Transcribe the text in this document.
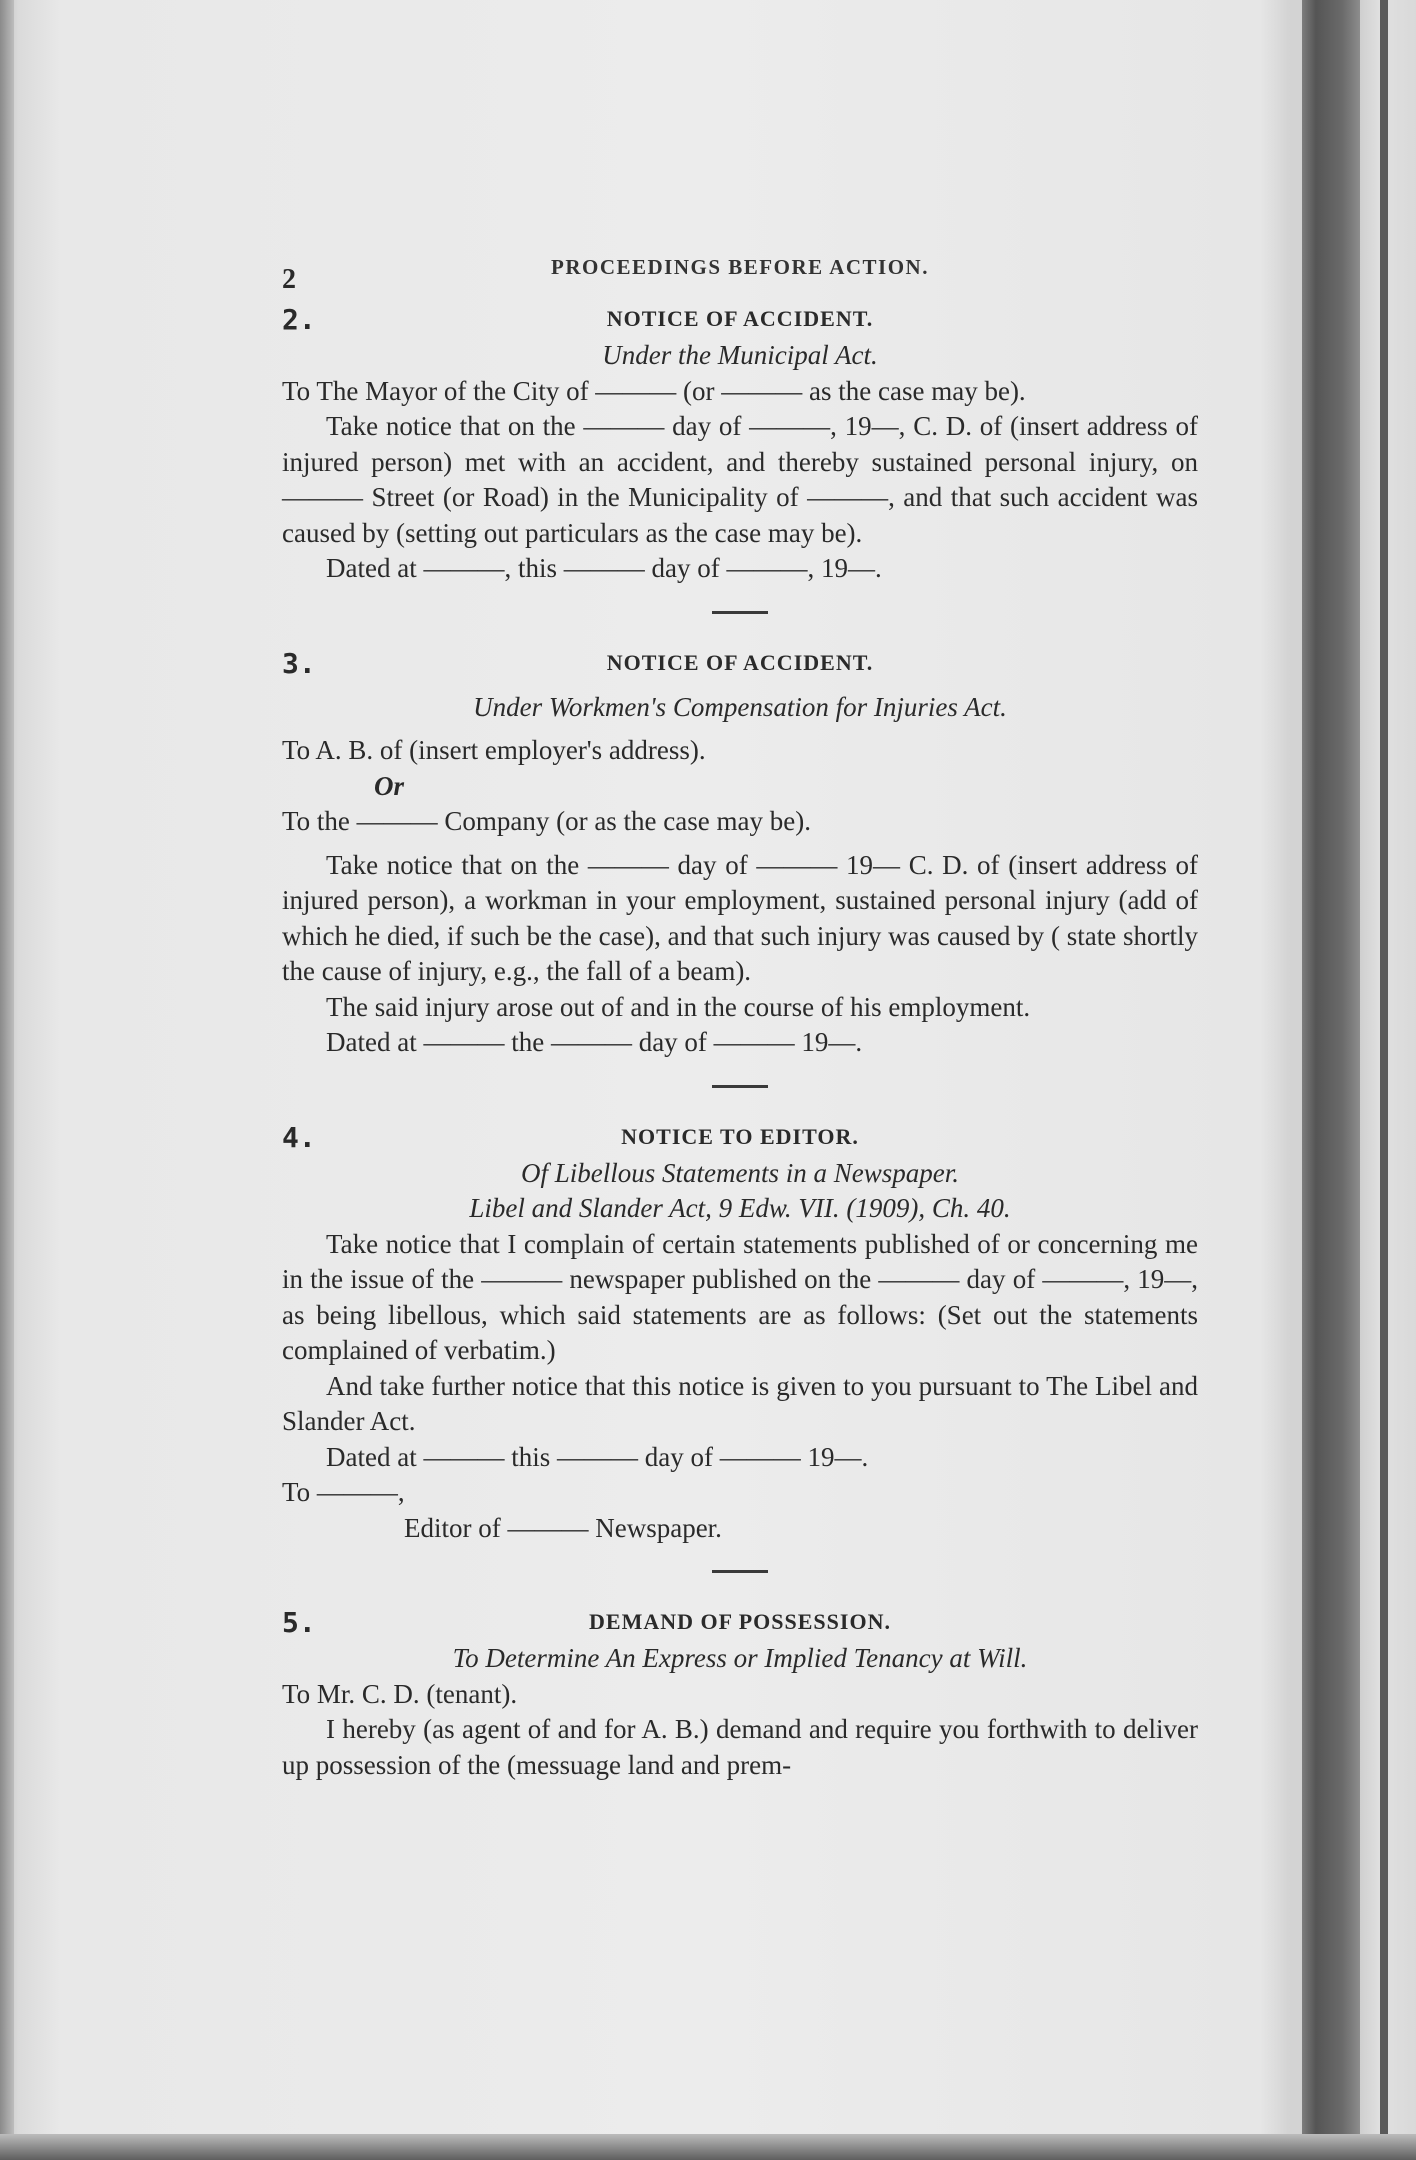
2	PROCEEDINGS BEFORE ACTION.
2.	NOTICE OF ACCIDENT.

Under the Municipal Act.

To The Mayor of the City of ——— (or ——— as the case may be).

Take notice that on the ——— day of ———, 19—, C. D. of (insert address of injured person) met with an accident, and thereby sustained personal injury, on ——— Street (or Road) in the Municipality of ———, and that such accident was caused by (setting out particulars as the case may be).

Dated at ———, this ——— day of ———, 19—.

3.	NOTICE OF ACCIDENT.

Under Workmen's Compensation for Injuries Act.

To A. B. of (insert employer's address).

Or

To the ——— Company (or as the case may be).

Take notice that on the ——— day of ——— 19— C. D. of (insert address of injured person), a workman in your employment, sustained personal injury (add of which he died, if such be the case), and that such injury was caused by ( state shortly the cause of injury, e.g., the fall of a beam).

The said injury arose out of and in the course of his employment.

Dated at ——— the ——— day of ——— 19—.

4.	NOTICE TO EDITOR.

Of Libellous Statements in a Newspaper.

Libel and Slander Act, 9 Edw. VII. (1909), Ch. 40.

Take notice that I complain of certain statements published of or concerning me in the issue of the ——— newspaper published on the ——— day of ———, 19—, as being libellous, which said statements are as follows: (Set out the statements complained of verbatim.)

And take further notice that this notice is given to you pursuant to The Libel and Slander Act.

Dated at ——— this ——— day of ——— 19—.

To ———,

Editor of ——— Newspaper.

5.	DEMAND OF POSSESSION.

To Determine An Express or Implied Tenancy at Will.

To Mr. C. D. (tenant).

I hereby (as agent of and for A. B.) demand and require you forthwith to deliver up possession of the (messuage land and prem-
